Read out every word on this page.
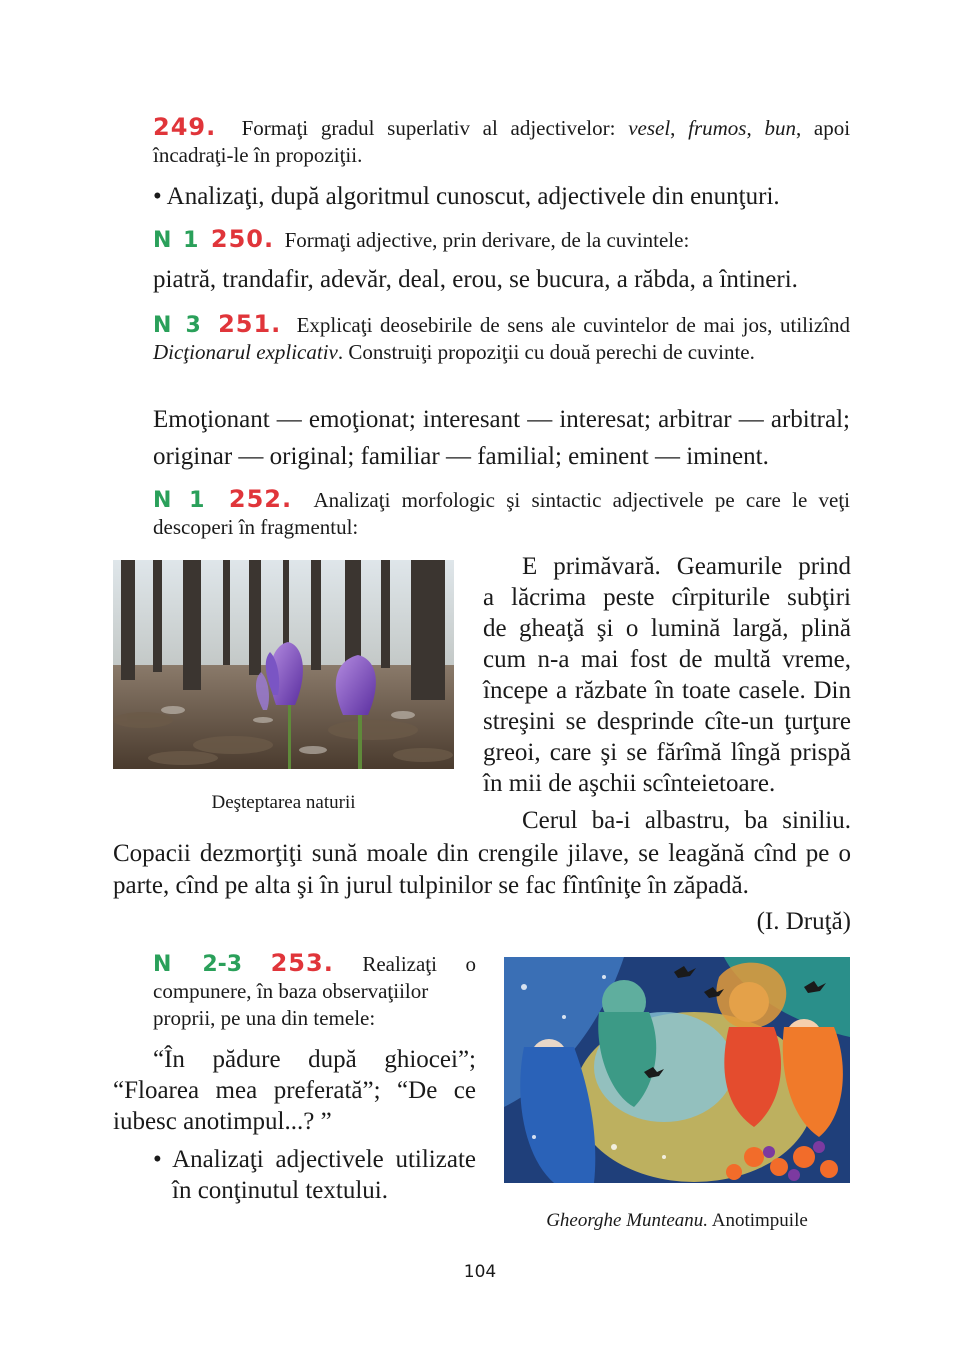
249. Formaţi gradul superlativ al adjectivelor: vesel, frumos, bun, apoi încadraţi-le în propoziţii.
• Analizaţi, după algoritmul cunoscut, adjectivele din enunţuri.
N 1 250. Formaţi adjective, prin derivare, de la cuvintele:
piatră, trandafir, adevăr, deal, erou, se bucura, a răbda, a întineri.
N 3 251. Explicaţi deosebirile de sens ale cuvintelor de mai jos, utilizînd Dicţionarul explicativ. Construiţi propoziţii cu două perechi de cuvinte.
Emoţionant — emoţionat; interesant — interesat; arbitrar — arbitral;
originar — original; familiar — familial; eminent — iminent.
N 1 252. Analizaţi morfologic şi sintactic adjectivele pe care le veţi descoperi în fragmentul:
Deşteptarea naturii
E primăvară. Geamurile prind
a lăcrima peste cîrpiturile subţiri
de gheaţă şi o lumină largă, plină
cum n-a mai fost de multă vreme,
începe a răzbate în toate casele. Din
streşini se desprinde cîte-un ţurţure
greoi, care şi se fărîmă lîngă prispă
în mii de aşchii scînteietoare.
Cerul ba-i albastru, ba siniliu.
Copacii dezmorţiţi sună moale din crengile jilave, se leagănă cînd pe o
parte, cînd pe alta şi în jurul tulpinilor se fac fîntîniţe în zăpadă.
(I. Druţă)
N 2-3 253. Realizaţi o
compunere, în baza observaţiilor proprii, pe una din temele:
“În pădure după ghiocei”;
“Floarea mea preferată”; “De ce
iubesc anotimpul...? ”
• Analizaţi adjectivele utilizate
în conţinutul textului.
Gheorghe Munteanu. Anotimpuile
104
